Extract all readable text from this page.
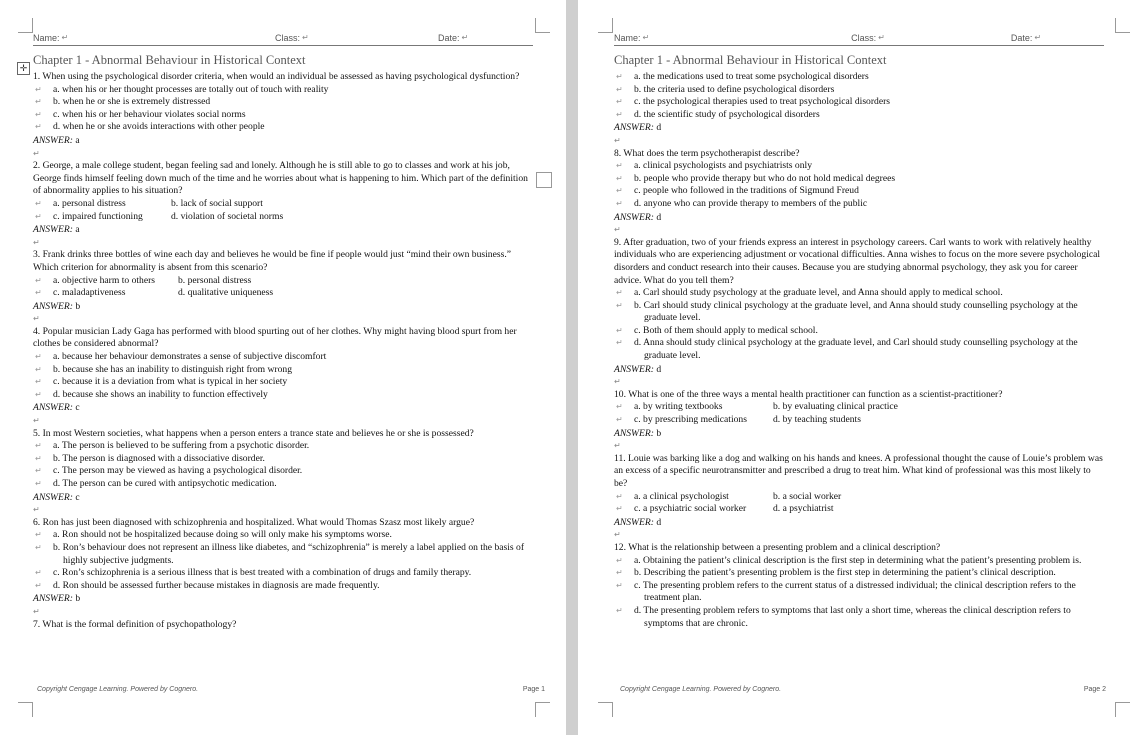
✛
Name: ↵	Class: ↵	Date: ↵
Chapter 1 - Abnormal Behaviour in Historical Context
1. When using the psychological disorder criteria, when would an individual be assessed as having psychological dysfunction?
↵ a. when his or her thought processes are totally out of touch with reality
↵ b. when he or she is extremely distressed
↵ c. when his or her behaviour violates social norms
↵ d. when he or she avoids interactions with other people
ANSWER: a
↵
2. George, a male college student, began feeling sad and lonely. Although he is still able to go to classes and work at his job, George finds himself feeling down much of the time and he worries about what is happening to him. Which part of the definition of abnormality applies to his situation?
↵ a. personal distress	b. lack of social support
↵ c. impaired functioning	d. violation of societal norms
ANSWER: a
↵
3. Frank drinks three bottles of wine each day and believes he would be fine if people would just “mind their own business.” Which criterion for abnormality is absent from this scenario?
↵ a. objective harm to others	b. personal distress
↵ c. maladaptiveness	d. qualitative uniqueness
ANSWER: b
↵
4. Popular musician Lady Gaga has performed with blood spurting out of her clothes. Why might having blood spurt from her clothes be considered abnormal?
↵ a. because her behaviour demonstrates a sense of subjective discomfort
↵ b. because she has an inability to distinguish right from wrong
↵ c. because it is a deviation from what is typical in her society
↵ d. because she shows an inability to function effectively
ANSWER: c
↵
5. In most Western societies, what happens when a person enters a trance state and believes he or she is possessed?
↵ a. The person is believed to be suffering from a psychotic disorder.
↵ b. The person is diagnosed with a dissociative disorder.
↵ c. The person may be viewed as having a psychological disorder.
↵ d. The person can be cured with antipsychotic medication.
ANSWER: c
↵
6. Ron has just been diagnosed with schizophrenia and hospitalized. What would Thomas Szasz most likely argue?
↵ a. Ron should not be hospitalized because doing so will only make his symptoms worse.
↵ b. Ron’s behaviour does not represent an illness like diabetes, and “schizophrenia” is merely a label applied on the basis of highly subjective judgments.
↵ c. Ron’s schizophrenia is a serious illness that is best treated with a combination of drugs and family therapy.
↵ d. Ron should be assessed further because mistakes in diagnosis are made frequently.
ANSWER: b
↵
7. What is the formal definition of psychopathology?
Copyright Cengage Learning. Powered by Cognero.	Page 1
Name: ↵	Class: ↵	Date: ↵
Chapter 1 - Abnormal Behaviour in Historical Context
↵ a. the medications used to treat some psychological disorders
↵ b. the criteria used to define psychological disorders
↵ c. the psychological therapies used to treat psychological disorders
↵ d. the scientific study of psychological disorders
ANSWER: d
↵
8. What does the term psychotherapist describe?
↵ a. clinical psychologists and psychiatrists only
↵ b. people who provide therapy but who do not hold medical degrees
↵ c. people who followed in the traditions of Sigmund Freud
↵ d. anyone who can provide therapy to members of the public
ANSWER: d
↵
9. After graduation, two of your friends express an interest in psychology careers. Carl wants to work with relatively healthy individuals who are experiencing adjustment or vocational difficulties. Anna wishes to focus on the more severe psychological disorders and conduct research into their causes. Because you are studying abnormal psychology, they ask you for career advice. What do you tell them?
↵ a. Carl should study psychology at the graduate level, and Anna should apply to medical school.
↵ b. Carl should study clinical psychology at the graduate level, and Anna should study counselling psychology at the graduate level.
↵ c. Both of them should apply to medical school.
↵ d. Anna should study clinical psychology at the graduate level, and Carl should study counselling psychology at the graduate level.
ANSWER: d
↵
10. What is one of the three ways a mental health practitioner can function as a scientist-practitioner?
↵ a. by writing textbooks	b. by evaluating clinical practice
↵ c. by prescribing medications	d. by teaching students
ANSWER: b
↵
11. Louie was barking like a dog and walking on his hands and knees. A professional thought the cause of Louie’s problem was an excess of a specific neurotransmitter and prescribed a drug to treat him. What kind of professional was this most likely to be?
↵ a. a clinical psychologist	b. a social worker
↵ c. a psychiatric social worker	d. a psychiatrist
ANSWER: d
↵
12. What is the relationship between a presenting problem and a clinical description?
↵ a. Obtaining the patient’s clinical description is the first step in determining what the patient’s presenting problem is.
↵ b. Describing the patient’s presenting problem is the first step in determining the patient’s clinical description.
↵ c. The presenting problem refers to the current status of a distressed individual; the clinical description refers to the treatment plan.
↵ d. The presenting problem refers to symptoms that last only a short time, whereas the clinical description refers to symptoms that are chronic.
Copyright Cengage Learning. Powered by Cognero.	Page 2
